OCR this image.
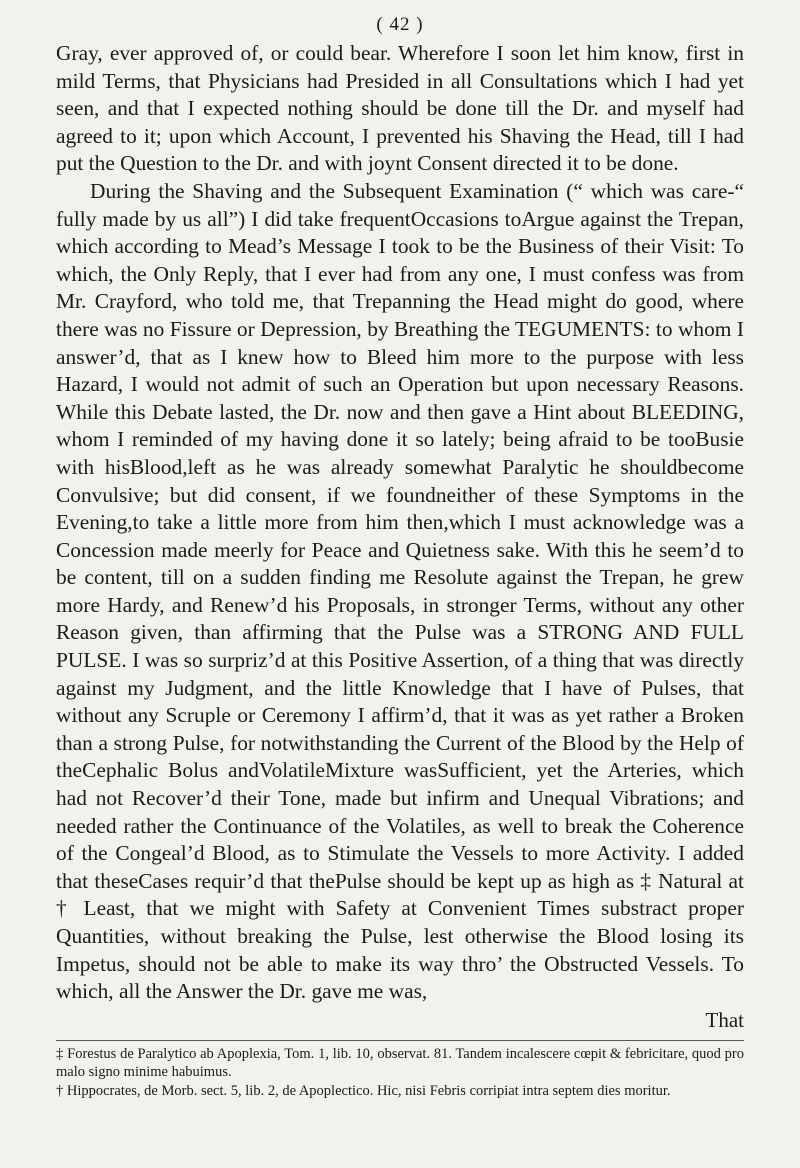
( 42 )

Gray, ever approved of, or could bear. Wherefore I soon let him know, first in mild Terms, that Physicians had Presided in all Consultations which I had yet seen, and that I expected nothing should be done till the Dr. and myself had agreed to it; upon which Account, I prevented his Shaving the Head, till I had put the Question to the Dr. and with joynt Consent directed it to be done.

During the Shaving and the Subsequent Examination (“ which was care-“ fully made by us all”) I did take frequentOccasions toArgue against the Trepan, which according to Mead’s Message I took to be the Business of their Visit: To which, the Only Reply, that I ever had from any one, I must confess was from Mr. Crayford, who told me, that Trepanning the Head might do good, where there was no Fissure or Depression, by Breathing the TEGUMENTS: to whom I answer’d, that as I knew how to Bleed him more to the purpose with less Hazard, I would not admit of such an Operation but upon necessary Reasons. While this Debate lasted, the Dr. now and then gave a Hint about BLEEDING, whom I reminded of my having done it so lately; being afraid to be tooBusie with hisBlood,left as he was already somewhat Paralytic he shouldbecome Convulsive; but did consent, if we foundneither of these Symptoms in the Evening,to take a little more from him then,which I must acknowledge was a Concession made meerly for Peace and Quietness sake. With this he seem’d to be content, till on a sudden finding me Resolute against the Trepan, he grew more Hardy, and Renew’d his Proposals, in stronger Terms, without any other Reason given, than affirming that the Pulse was a STRONG AND FULL PULSE. I was so surpriz’d at this Positive Assertion, of a thing that was directly against my Judgment, and the little Knowledge that I have of Pulses, that without any Scruple or Ceremony I affirm’d, that it was as yet rather a Broken than a strong Pulse, for notwithstanding the Current of the Blood by the Help of theCephalic Bolus andVolatileMixture wasSufficient, yet the Arteries, which had not Recover’d their Tone, made but infirm and Unequal Vibrations; and needed rather the Continuance of the Volatiles, as well to break the Coherence of the Congeal’d Blood, as to Stimulate the Vessels to more Activity. I added that theseCases requir’d that thePulse should be kept up as high as ‡ Natural at † Least, that we might with Safety at Convenient Times substract proper Quantities, without breaking the Pulse, lest otherwise the Blood losing its Impetus, should not be able to make its way thro’ the Obstructed Vessels. To which, all the Answer the Dr. gave me was,

That

‡ Forestus de Paralytico ab Apoplexia, Tom. 1, lib. 10, observat. 81. Tandem incalescere cœpit & febricitare, quod pro malo signo minime habuimus.

† Hippocrates, de Morb. sect. 5, lib. 2, de Apoplectico. Hic, nisi Febris corripiat intra septem dies moritur.
